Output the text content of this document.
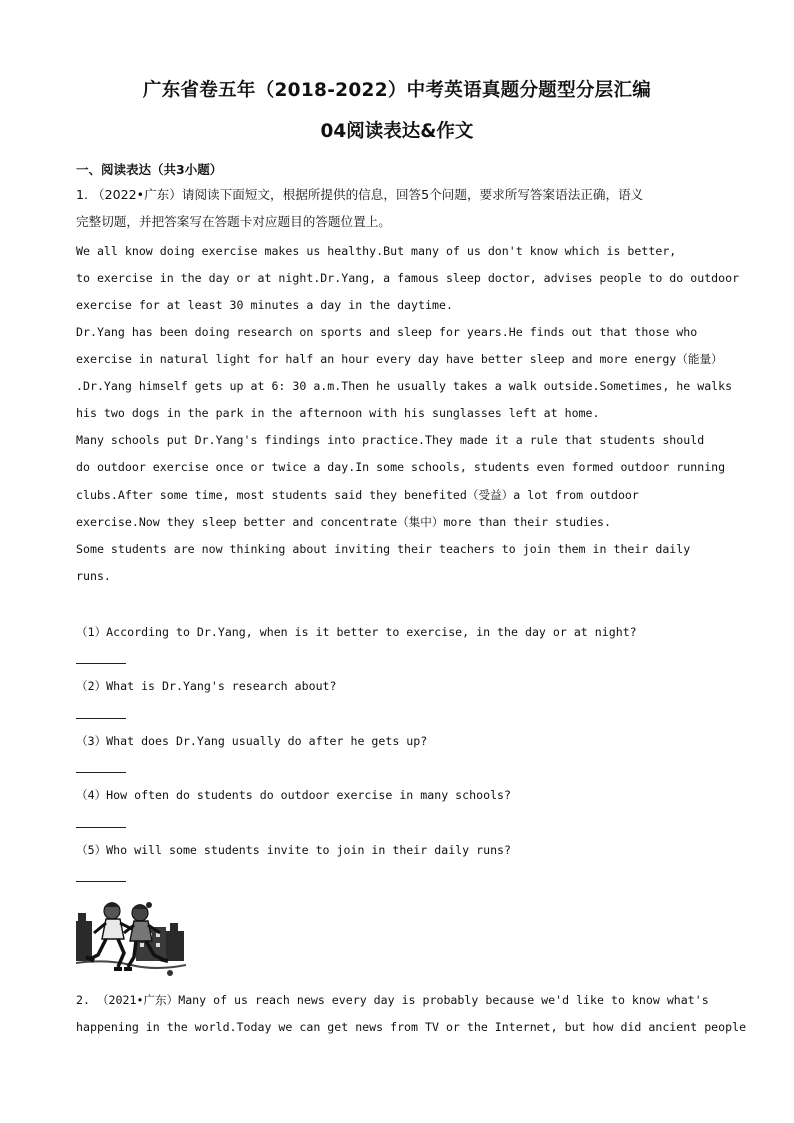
广东省卷五年（2018-2022）中考英语真题分题型分层汇编
04阅读表达&作文
一、阅读表达（共3小题）
1. （2022•广东）请阅读下面短文，根据所提供的信息，回答5个问题，要求所写答案语法正确，语义
完整切题，并把答案写在答题卡对应题目的答题位置上。
We all know doing exercise makes us healthy.But many of us don't know which is better,
to exercise in the day or at night.Dr.Yang, a famous sleep doctor, advises people to do outdoor
exercise for at least 30 minutes a day in the daytime.
Dr.Yang has been doing research on sports and sleep for years.He finds out that those who
exercise in natural light for half an hour every day have better sleep and more energy（能量）
.Dr.Yang himself gets up at 6: 30 a.m.Then he usually takes a walk outside.Sometimes, he walks
his two dogs in the park in the afternoon with his sunglasses left at home.
Many schools put Dr.Yang's findings into practice.They made it a rule that students should
do outdoor exercise once or twice a day.In some schools, students even formed outdoor running
clubs.After some time, most students said they benefited（受益）a lot from outdoor
exercise.Now they sleep better and concentrate（集中）more than their studies.
Some students are now thinking about inviting their teachers to join them in their daily
runs.
（1）According to Dr.Yang, when is it better to exercise, in the day or at night?
（2）What is Dr.Yang's research about?
（3）What does Dr.Yang usually do after he gets up?
（4）How often do students do outdoor exercise in many schools?
（5）Who will some students invite to join in their daily runs?
2. （2021•广东）Many of us reach news every day is probably because we'd like to know what's
happening in the world.Today we can get news from TV or the Internet, but how did ancient people
